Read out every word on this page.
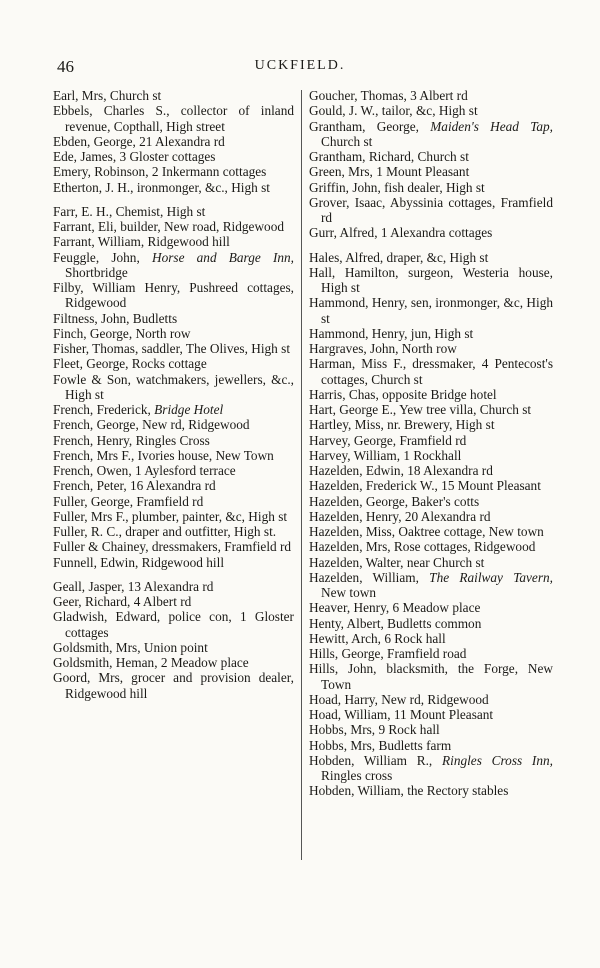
46	UCKFIELD.

Earl, Mrs, Church st

Ebbels, Charles S., collector of inland revenue, Copthall, High street

Ebden, George, 21 Alexandra rd

Ede, James, 3 Gloster cottages

Emery, Robinson, 2 Inkermann cottages

Etherton, J. H., ironmonger, &c., High st

Farr, E. H., Chemist, High st

Farrant, Eli, builder, New road, Ridgewood

Farrant, William, Ridgewood hill

Feuggle, John, Horse and Barge Inn, Shortbridge

Filby, William Henry, Pushreed cottages, Ridgewood

Filtness, John, Budletts

Finch, George, North row

Fisher, Thomas, saddler, The Olives, High st

Fleet, George, Rocks cottage

Fowle & Son, watchmakers, jewellers, &c., High st

French, Frederick, Bridge Hotel

French, George, New rd, Ridgewood

French, Henry, Ringles Cross

French, Mrs F., Ivories house, New Town

French, Owen, 1 Aylesford terrace

French, Peter, 16 Alexandra rd

Fuller, George, Framfield rd

Fuller, Mrs F., plumber, painter, &c, High st

Fuller, R. C., draper and outfitter, High st.

Fuller & Chainey, dressmakers, Framfield rd

Funnell, Edwin, Ridgewood hill

Geall, Jasper, 13 Alexandra rd

Geer, Richard, 4 Albert rd

Gladwish, Edward, police con, 1 Gloster cottages

Goldsmith, Mrs, Union point

Goldsmith, Heman, 2 Meadow place

Goord, Mrs, grocer and provision dealer, Ridgewood hill

Goucher, Thomas, 3 Albert rd

Gould, J. W., tailor, &c, High st

Grantham, George, Maiden's Head Tap, Church st

Grantham, Richard, Church st

Green, Mrs, 1 Mount Pleasant

Griffin, John, fish dealer, High st

Grover, Isaac, Abyssinia cottages, Framfield rd

Gurr, Alfred, 1 Alexandra cottages

Hales, Alfred, draper, &c, High st

Hall, Hamilton, surgeon, Westeria house, High st

Hammond, Henry, sen, ironmonger, &c, High st

Hammond, Henry, jun, High st

Hargraves, John, North row

Harman, Miss F., dressmaker, 4 Pentecost's cottages, Church st

Harris, Chas, opposite Bridge hotel

Hart, George E., Yew tree villa, Church st

Hartley, Miss, nr. Brewery, High st

Harvey, George, Framfield rd

Harvey, William, 1 Rockhall

Hazelden, Edwin, 18 Alexandra rd

Hazelden, Frederick W., 15 Mount Pleasant

Hazelden, George, Baker's cotts

Hazelden, Henry, 20 Alexandra rd

Hazelden, Miss, Oaktree cottage, New town

Hazelden, Mrs, Rose cottages, Ridgewood

Hazelden, Walter, near Church st

Hazelden, William, The Railway Tavern, New town

Heaver, Henry, 6 Meadow place

Henty, Albert, Budletts common

Hewitt, Arch, 6 Rock hall

Hills, George, Framfield road

Hills, John, blacksmith, the Forge, New Town

Hoad, Harry, New rd, Ridgewood

Hoad, William, 11 Mount Pleasant

Hobbs, Mrs, 9 Rock hall

Hobbs, Mrs, Budletts farm

Hobden, William R., Ringles Cross Inn, Ringles cross

Hobden, William, the Rectory stables
